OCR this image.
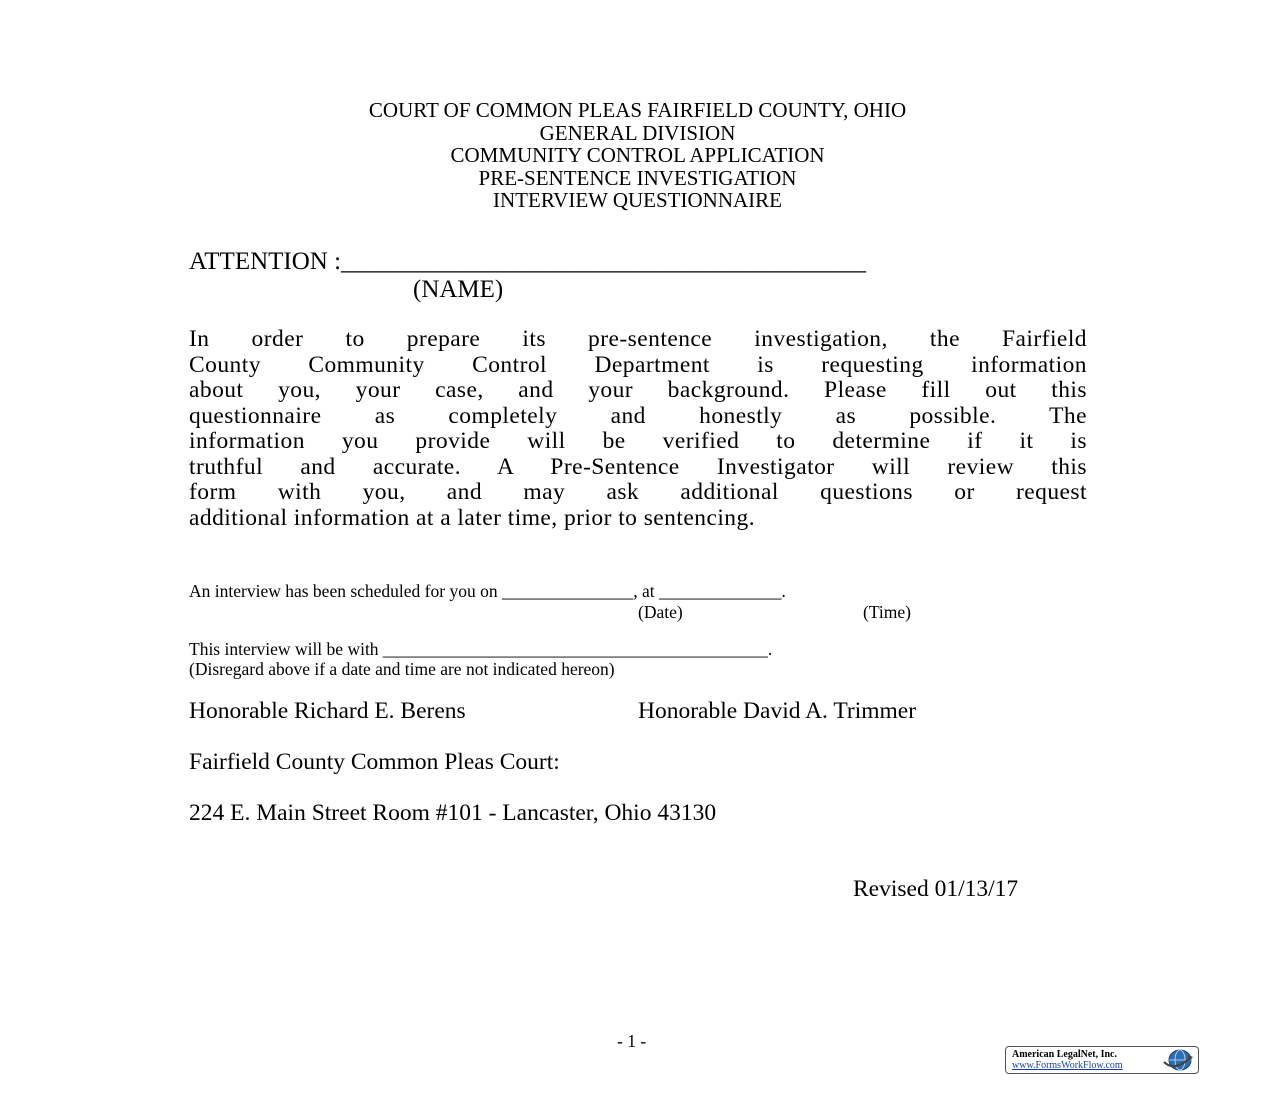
COURT OF COMMON PLEAS FAIRFIELD COUNTY, OHIO
GENERAL DIVISION
COMMUNITY CONTROL APPLICATION
PRE-SENTENCE INVESTIGATION
INTERVIEW QUESTIONNAIRE
ATTENTION :__________________________________________
(NAME)
In order to prepare its pre-sentence investigation, the Fairfield
County Community Control Department is requesting information
about you, your case, and your background. Please fill out this
questionnaire as completely and honestly as possible. The
information you provide will be verified to determine if it is
truthful and accurate. A Pre-Sentence Investigator will review this
form with you, and may ask additional questions or request
additional information at a later time, prior to sentencing.
An interview has been scheduled for you on _______________, at ______________.
(Date)	(Time)
This interview will be with ____________________________________________.
(Disregard above if a date and time are not indicated hereon)
Honorable Richard E. Berens	Honorable David A. Trimmer
Fairfield County Common Pleas Court:
224 E. Main Street Room #101 - Lancaster, Ohio 43130
Revised 01/13/17
- 1 -
American LegalNet, Inc.
www.FormsWorkFlow.com
